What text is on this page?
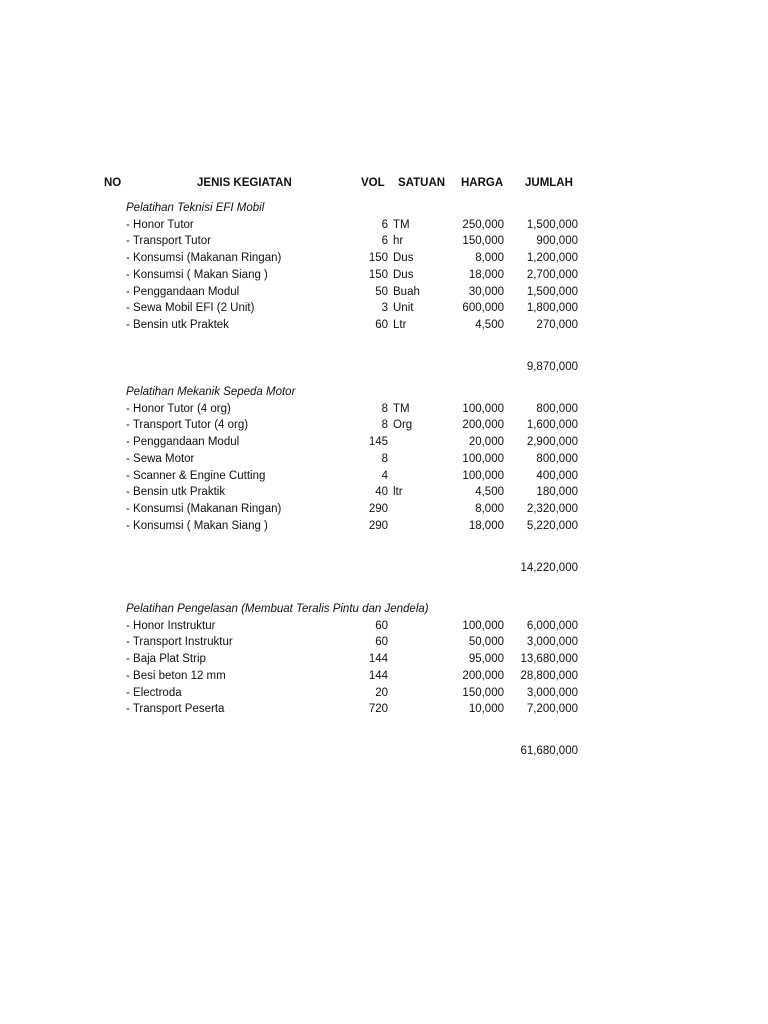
NO	JENIS KEGIATAN	VOL SATUAN HARGA JUMLAH
Pelatihan Teknisi EFI Mobil
- Honor Tutor	6 TM	250,000 1,500,000
- Transport Tutor	6 hr	150,000	900,000
- Konsumsi (Makanan Ringan)	150 Dus	8,000 1,200,000
- Konsumsi ( Makan Siang )	150 Dus	18,000 2,700,000
- Penggandaan Modul	50 Buah	30,000 1,500,000
- Sewa Mobil EFI (2 Unit)	3 Unit	600,000 1,800,000
- Bensin utk Praktek	60 Ltr	4,500	270,000
9,870,000
Pelatihan Mekanik Sepeda Motor
- Honor Tutor (4 org)	8 TM	100,000	800,000
- Transport Tutor (4 org)	8 Org	200,000 1,600,000
- Penggandaan Modul	145	20,000 2,900,000
- Sewa Motor	8	100,000	800,000
- Scanner & Engine Cutting	4	100,000	400,000
- Bensin utk Praktik	40 ltr	4,500	180,000
- Konsumsi (Makanan Ringan)	290	8,000 2,320,000
- Konsumsi ( Makan Siang )	290	18,000 5,220,000
14,220,000
Pelatihan Pengelasan (Membuat Teralis Pintu dan Jendela)
- Honor Instruktur	60	100,000 6,000,000
- Transport Instruktur	60	50,000 3,000,000
- Baja Plat Strip	144	95,000 13,680,000
- Besi beton 12 mm	144	200,000 28,800,000
- Electroda	20	150,000 3,000,000
- Transport Peserta	720	10,000 7,200,000
61,680,000
